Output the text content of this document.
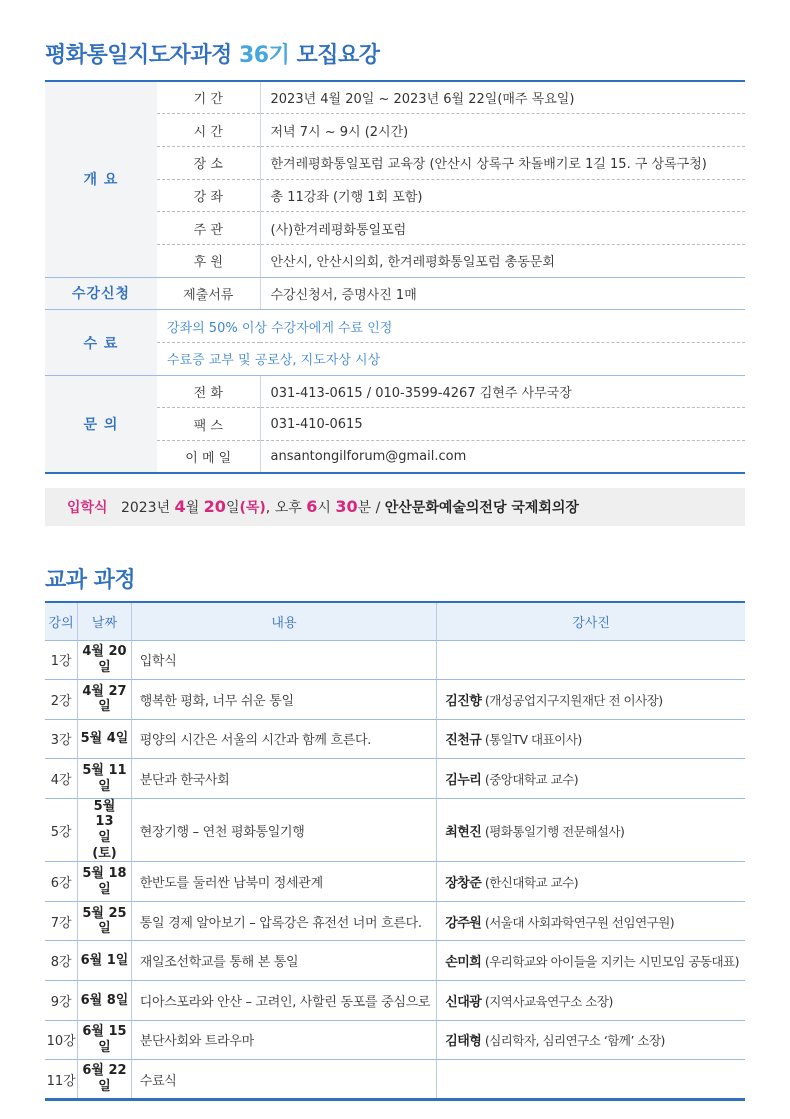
평화통일지도자과정 36기 모집요강
개 요	기 간	2023년 4월 20일 ~ 2023년 6월 22일(매주 목요일)
	시 간	저녁 7시 ~ 9시 (2시간)
	장 소	한겨레평화통일포럼 교육장 (안산시 상록구 차돌배기로 1길 15. 구 상록구청)
	강 좌	총 11강좌 (기행 1회 포함)
	주 관	(사)한겨레평화통일포럼
	후 원	안산시, 안산시의회, 한겨레평화통일포럼 총동문회
수강신청	제출서류	수강신청서, 증명사진 1매
수 료	강좌의 50% 이상 수강자에게 수료 인정	
	수료증 교부 및 공로상, 지도자상 시상	
문 의	전 화	031-413-0615 / 010-3599-4267 김현주 사무국장
	팩 스	031-410-0615
	이 메 일	ansantongilforum@gmail.com
입학식 2023년 4월 20일(목), 오후 6시 30분 / 안산문화예술의전당 국제회의장
교과 과정
강의	날짜	내용	강사진
1강	4월 20일	입학식	
2강	4월 27일	행복한 평화, 너무 쉬운 통일	김진향 (개성공업지구지원재단 전 이사장)
3강	5월 4일	평양의 시간은 서울의 시간과 함께 흐른다.	진천규 (통일TV 대표이사)
4강	5월 11일	분단과 한국사회	김누리 (중앙대학교 교수)
5강	5월 13일 (토)	현장기행 – 연천 평화통일기행	최현진 (평화통일기행 전문해설사)
6강	5월 18일	한반도를 둘러싼 남북미 정세관계	장창준 (한신대학교 교수)
7강	5월 25일	통일 경제 알아보기 – 압록강은 휴전선 너머 흐른다.	강주원 (서울대 사회과학연구원 선임연구원)
8강	6월 1일	재일조선학교를 통해 본 통일	손미희 (우리학교와 아이들을 지키는 시민모임 공동대표)
9강	6월 8일	디아스포라와 안산 – 고려인, 사할린 동포를 중심으로	신대광 (지역사교육연구소 소장)
10강	6월 15일	분단사회와 트라우마	김태형 (심리학자, 심리연구소 ‘함께’ 소장)
11강	6월 22일	수료식	
